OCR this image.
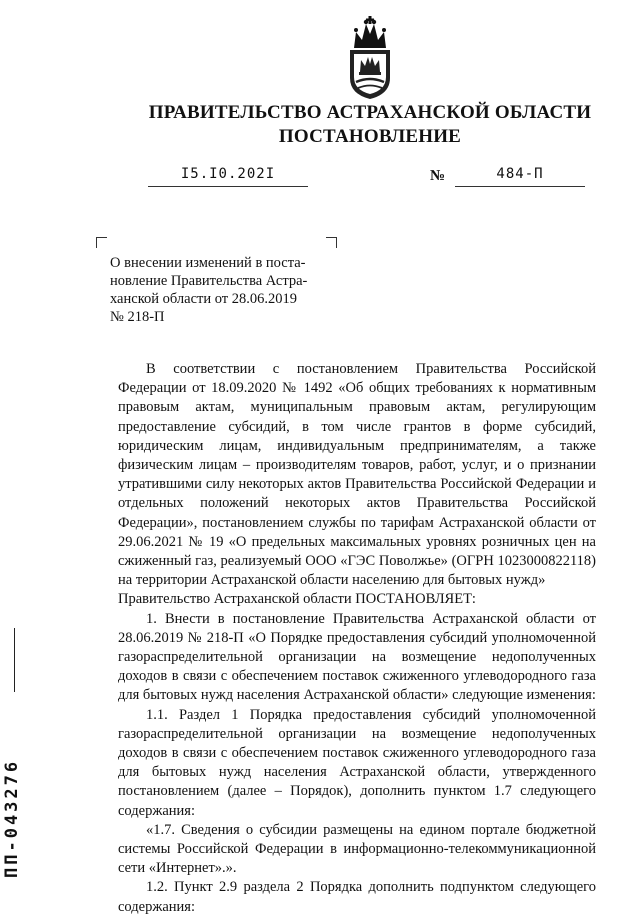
ПРАВИТЕЛЬСТВО АСТРАХАНСКОЙ ОБЛАСТИ
ПОСТАНОВЛЕНИЕ
I5.I0.202I	№	484-П
О внесении изменений в поста-
новление Правительства Астра-
ханской области от 28.06.2019
№ 218-П

В соответствии с постановлением Правительства Российской Федерации от 18.09.2020 № 1492 «Об общих требованиях к нормативным правовым актам, муниципальным правовым актам, регулирующим предоставление субсидий, в том числе грантов в форме субсидий, юридическим лицам, индивидуальным предпринимателям, а также физическим лицам – производителям товаров, работ, услуг, и о признании утратившими силу некоторых актов Правительства Российской Федерации и отдельных положений некоторых актов Правительства Российской Федерации», постановлением службы по тарифам Астраханской области от 29.06.2021 № 19 «О предельных максимальных уровнях розничных цен на сжиженный газ, реализуемый ООО «ГЭС Поволжье» (ОГРН 1023000822118) на территории Астраханской области населению для бытовых нужд»

Правительство Астраханской области ПОСТАНОВЛЯЕТ:

1. Внести в постановление Правительства Астраханской области от 28.06.2019 № 218-П «О Порядке предоставления субсидий уполномоченной газораспределительной организации на возмещение недополученных доходов в связи с обеспечением поставок сжиженного углеводородного газа для бытовых нужд населения Астраханской области» следующие изменения:

1.1. Раздел 1 Порядка предоставления субсидий уполномоченной газораспределительной организации на возмещение недополученных доходов в связи с обеспечением поставок сжиженного углеводородного газа для бытовых нужд населения Астраханской области, утвержденного постановлением (далее – Порядок), дополнить пунктом 1.7 следующего содержания:

«1.7. Сведения о субсидии размещены на едином портале бюджетной системы Российской Федерации в информационно-телекоммуникационной сети «Интернет».».

1.2. Пункт 2.9 раздела 2 Порядка дополнить подпунктом следующего содержания:

ПП-043276
